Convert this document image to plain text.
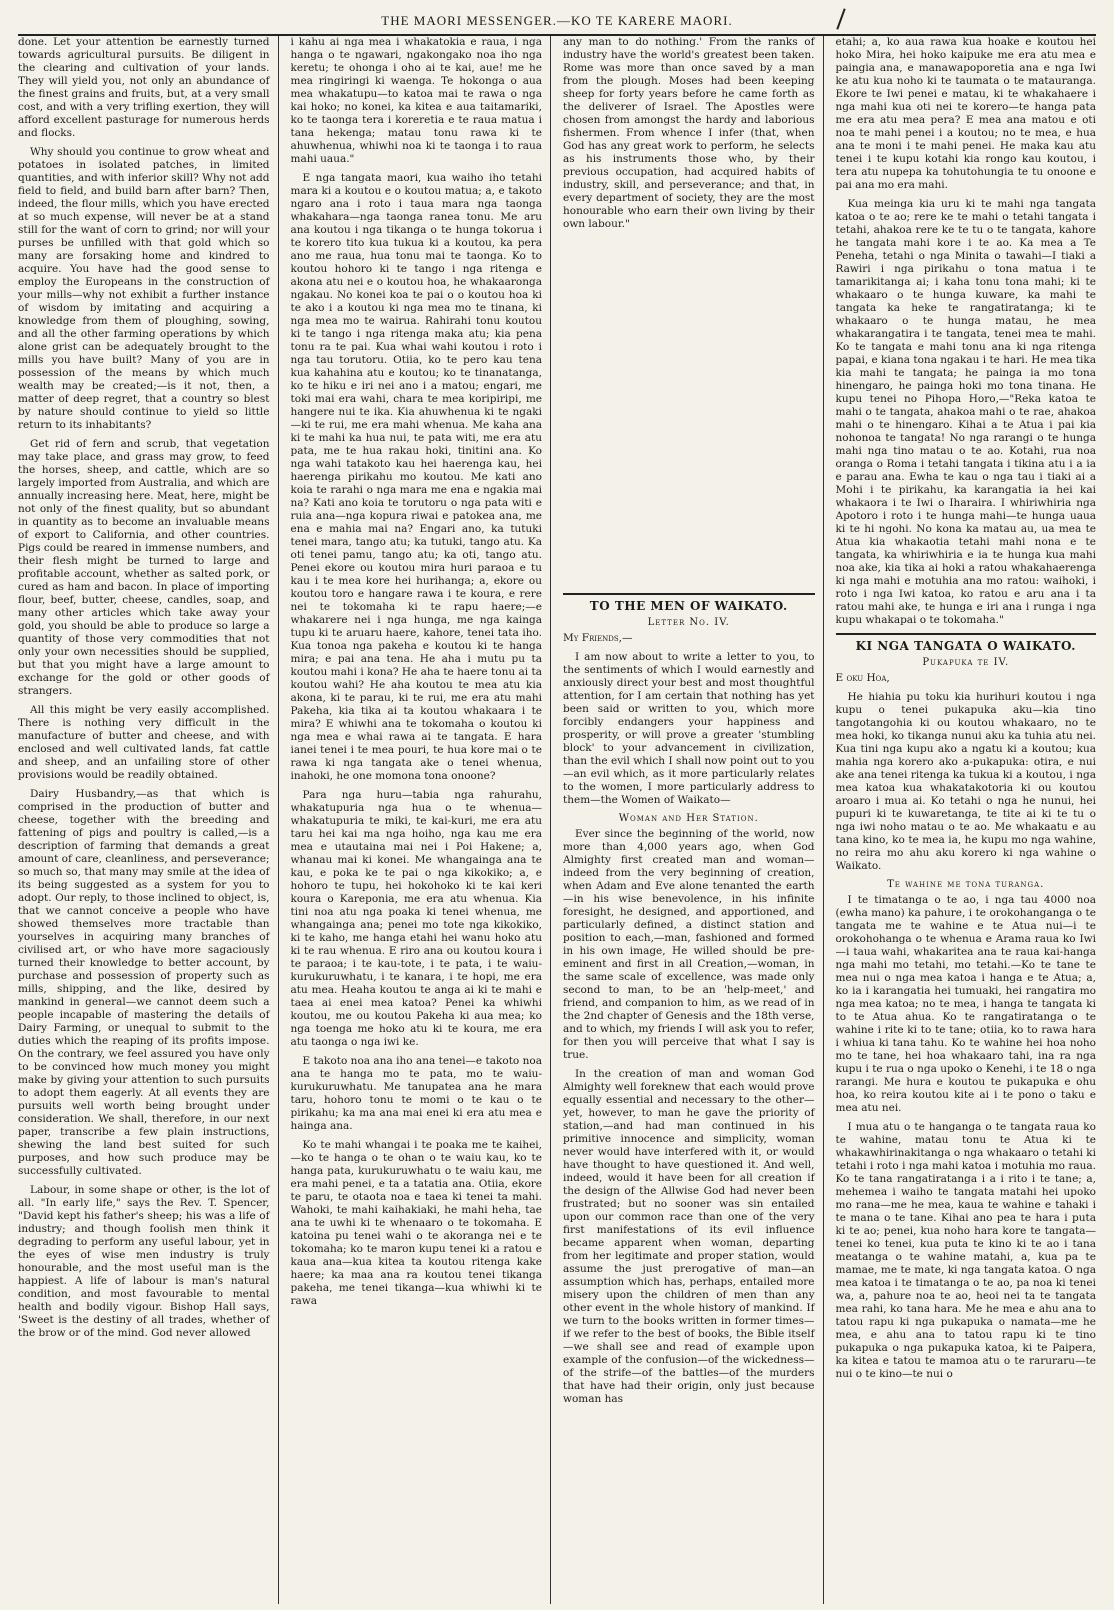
THE MAORI MESSENGER.—KO TE KARERE MAORI.

done. Let your attention be earnestly turned towards agricultural pursuits. Be diligent in the clearing and cultivation of your lands. They will yield you, not only an abundance of the finest grains and fruits, but, at a very small cost, and with a very trifling exertion, they will afford excellent pasturage for numerous herds and flocks.

Why should you continue to grow wheat and potatoes in isolated patches, in limited quantities, and with inferior skill? Why not add field to field, and build barn after barn? Then, indeed, the flour mills, which you have erected at so much expense, will never be at a stand still for the want of corn to grind; nor will your purses be unfilled with that gold which so many are forsaking home and kindred to acquire. You have had the good sense to employ the Europeans in the construction of your mills—why not exhibit a further instance of wisdom by imitating and acquiring a knowledge from them of ploughing, sowing, and all the other farming operations by which alone grist can be adequately brought to the mills you have built? Many of you are in possession of the means by which much wealth may be created;—is it not, then, a matter of deep regret, that a country so blest by nature should continue to yield so little return to its inhabitants?

Get rid of fern and scrub, that vegetation may take place, and grass may grow, to feed the horses, sheep, and cattle, which are so largely imported from Australia, and which are annually increasing here. Meat, here, might be not only of the finest quality, but so abundant in quantity as to become an invaluable means of export to California, and other countries. Pigs could be reared in immense numbers, and their flesh might be turned to large and profitable account, whether as salted pork, or cured as ham and bacon. In place of importing flour, beef, butter, cheese, candles, soap, and many other articles which take away your gold, you should be able to produce so large a quantity of those very commodities that not only your own necessities should be supplied, but that you might have a large amount to exchange for the gold or other goods of strangers.

All this might be very easily accomplished. There is nothing very difficult in the manufacture of butter and cheese, and with enclosed and well cultivated lands, fat cattle and sheep, and an unfailing store of other provisions would be readily obtained.

Dairy Husbandry,—as that which is comprised in the production of butter and cheese, together with the breeding and fattening of pigs and poultry is called,—is a description of farming that demands a great amount of care, cleanliness, and perseverance; so much so, that many may smile at the idea of its being suggested as a system for you to adopt. Our reply, to those inclined to object, is, that we cannot conceive a people who have showed themselves more tractable than yourselves in acquiring many branches of civilised art, or who have more sagaciously turned their knowledge to better account, by purchase and possession of property such as mills, shipping, and the like, desired by mankind in general—we cannot deem such a people incapable of mastering the details of Dairy Farming, or unequal to submit to the duties which the reaping of its profits impose. On the contrary, we feel assured you have only to be convinced how much money you might make by giving your attention to such pursuits to adopt them eagerly. At all events they are pursuits well worth being brought under consideration. We shall, therefore, in our next paper, transcribe a few plain instructions, shewing the land best suited for such purposes, and how such produce may be successfully cultivated.

Labour, in some shape or other, is the lot of all. "In early life," says the Rev. T. Spencer, "David kept his father's sheep; his was a life of industry; and though foolish men think it degrading to perform any useful labour, yet in the eyes of wise men industry is truly honourable, and the most useful man is the happiest. A life of labour is man's natural condition, and most favourable to mental health and bodily vigour. Bishop Hall says, 'Sweet is the destiny of all trades, whether of the brow or of the mind. God never allowed

i kahu ai nga mea i whakatokia e raua, i nga hanga o te ngawari, ngakongako noa iho nga keretu; te ohonga i oho ai te kai, aue! me he mea ringiringi ki waenga. Te hokonga o aua mea whakatupu—to katoa mai te rawa o nga kai hoko; no konei, ka kitea e aua taitamariki, ko te taonga tera i koreretia e te raua matua i tana hekenga; matau tonu rawa ki te ahuwhenua, whiwhi noa ki te taonga i to raua mahi uaua."

E nga tangata maori, kua waiho iho tetahi mara ki a koutou e o koutou matua; a, e takoto ngaro ana i roto i taua mara nga taonga whakahara—nga taonga ranea tonu. Me aru ana koutou i nga tikanga o te hunga tokorua i te korero tito kua tukua ki a koutou, ka pera ano me raua, hua tonu mai te taonga. Ko to koutou hohoro ki te tango i nga ritenga e akona atu nei e o koutou hoa, he whakaaronga ngakau. No konei koa te pai o o koutou hoa ki te ako i a koutou ki nga mea mo te tinana, ki nga mea mo te wairua. Rahirahi tonu koutou ki te tango i nga ritenga maka atu; kia pena tonu ra te pai. Kua whai wahi koutou i roto i nga tau torutoru. Otiia, ko te pero kau tena kua kahahina atu e koutou; ko te tinanatanga, ko te hiku e iri nei ano i a matou; engari, me toki mai era wahi, chara te mea koripiripi, me hangere nui te ika. Kia ahuwhenua ki te ngaki—ki te rui, me era mahi whenua. Me kaha ana ki te mahi ka hua nui, te pata witi, me era atu pata, me te hua rakau hoki, tinitini ana. Ko nga wahi tatakoto kau hei haerenga kau, hei haerenga pirikahu mo koutou. Me kati ano koia te rarahi o nga mara me ena e ngakia mai na? Kati ano koia te torutoru o nga pata witi e ruia ana—nga kopura riwai e patokea ana, me ena e mahia mai na? Engari ano, ka tutuki tenei mara, tango atu; ka tutuki, tango atu. Ka oti tenei pamu, tango atu; ka oti, tango atu. Penei ekore ou koutou mira huri paraoa e tu kau i te mea kore hei hurihanga; a, ekore ou koutou toro e hangare rawa i te koura, e rere nei te tokomaha ki te rapu haere;—e whakarere nei i nga hunga, me nga kainga tupu ki te aruaru haere, kahore, tenei tata iho. Kua tonoa nga pakeha e koutou ki te hanga mira; e pai ana tena. He aha i mutu pu ta koutou mahi i kona? He aha te haere tonu ai ta koutou wahi? He aha koutou te mea atu kia akona, ki te parau, ki te rui, me era atu mahi Pakeha, kia tika ai ta koutou whakaara i te mira? E whiwhi ana te tokomaha o koutou ki nga mea e whai rawa ai te tangata. E hara ianei tenei i te mea pouri, te hua kore mai o te rawa ki nga tangata ake o tenei whenua, inahoki, he one momona tona onoone?

Para nga huru—tabia nga rahurahu, whakatupuria nga hua o te whenua—whakatupuria te miki, te kai-kuri, me era atu taru hei kai ma nga hoiho, nga kau me era mea e utautaina mai nei i Poi Hakene; a, whanau mai ki konei. Me whangainga ana te kau, e poka ke te pai o nga kikokiko; a, e hohoro te tupu, hei hokohoko ki te kai keri koura o Kareponia, me era atu whenua. Kia tini noa atu nga poaka ki tenei whenua, me whangainga ana; penei mo tote nga kikokiko, ki te kaho, me hanga etahi hei wanu hoko atu ki te rau whenua. E riro ana ou koutou koura i te paraoa; i te kau-tote, i te pata, i te waiu-kurukuruwhatu, i te kanara, i te hopi, me era atu mea. Heaha koutou te anga ai ki te mahi e taea ai enei mea katoa? Penei ka whiwhi koutou, me ou koutou Pakeha ki aua mea; ko nga toenga me hoko atu ki te koura, me era atu taonga o nga iwi ke.

E takoto noa ana iho ana tenei—e takoto noa ana te hanga mo te pata, mo te waiu-kurukuruwhatu. Me tanupatea ana he mara taru, hohoro tonu te momi o te kau o te pirikahu; ka ma ana mai enei ki era atu mea e hainga ana.

Ko te mahi whangai i te poaka me te kaihei,—ko te hanga o te ohan o te waiu kau, ko te hanga pata, kurukuruwhatu o te waiu kau, me era mahi penei, e ta a tatatia ana. Otiia, ekore te paru, te otaota noa e taea ki tenei ta mahi. Wahoki, te mahi kaihakiaki, he mahi heha, tae ana te uwhi ki te whenaaro o te tokomaha. E katoina pu tenei wahi o te akoranga nei e te tokomaha; ko te maron kupu tenei ki a ratou e kaua ana—kua kitea ta koutou ritenga kake haere; ka maa ana ra koutou tenei tikanga pakeha, me tenei tikanga—kua whiwhi ki te rawa

any man to do nothing.' From the ranks of industry have the world's greatest been taken. Rome was more than once saved by a man from the plough. Moses had been keeping sheep for forty years before he came forth as the deliverer of Israel. The Apostles were chosen from amongst the hardy and laborious fishermen. From whence I infer (that, when God has any great work to perform, he selects as his instruments those who, by their previous occupation, had acquired habits of industry, skill, and perseverance; and that, in every department of society, they are the most honourable who earn their own living by their own labour."

TO THE MEN OF WAIKATO.
Letter No. IV.

My Friends,—

I am now about to write a letter to you, to the sentiments of which I would earnestly and anxiously direct your best and most thoughtful attention, for I am certain that nothing has yet been said or written to you, which more forcibly endangers your happiness and prosperity, or will prove a greater 'stumbling block' to your advancement in civilization, than the evil which I shall now point out to you—an evil which, as it more particularly relates to the women, I more particularly address to them—the Women of Waikato—

Woman and Her Station.

Ever since the beginning of the world, now more than 4,000 years ago, when God Almighty first created man and woman—indeed from the very beginning of creation, when Adam and Eve alone tenanted the earth—in his wise benevolence, in his infinite foresight, he designed, and apportioned, and particularly defined, a distinct station and position to each,—man, fashioned and formed in his own image, He willed should be pre-eminent and first in all Creation,—woman, in the same scale of excellence, was made only second to man, to be an 'help-meet,' and friend, and companion to him, as we read of in the 2nd chapter of Genesis and the 18th verse, and to which, my friends I will ask you to refer, for then you will perceive that what I say is true.

In the creation of man and woman God Almighty well foreknew that each would prove equally essential and necessary to the other—yet, however, to man he gave the priority of station,—and had man continued in his primitive innocence and simplicity, woman never would have interfered with it, or would have thought to have questioned it. And well, indeed, would it have been for all creation if the design of the Allwise God had never been frustrated; but no sooner was sin entailed upon our common race than one of the very first manifestations of its evil influence became apparent when woman, departing from her legitimate and proper station, would assume the just prerogative of man—an assumption which has, perhaps, entailed more misery upon the children of men than any other event in the whole history of mankind. If we turn to the books written in former times—if we refer to the best of books, the Bible itself—we shall see and read of example upon example of the confusion—of the wickedness—of the strife—of the battles—of the murders that have had their origin, only just because woman has

etahi; a, ko aua rawa kua hoake e koutou hei hoko Mira, hei hoko kaipuke me era atu mea e paingia ana, e manawapoporetia ana e nga Iwi ke atu kua noho ki te taumata o te matauranga. Ekore te Iwi penei e matau, ki te whakahaere i nga mahi kua oti nei te korero—te hanga pata me era atu mea pera? E mea ana matou e oti noa te mahi penei i a koutou; no te mea, e hua ana te moni i te mahi penei. He maka kau atu tenei i te kupu kotahi kia rongo kau koutou, i tera atu nupepa ka tohutohungia te tu onoone e pai ana mo era mahi.

Kua meinga kia uru ki te mahi nga tangata katoa o te ao; rere ke te mahi o tetahi tangata i tetahi, ahakoa rere ke te tu o te tangata, kahore he tangata mahi kore i te ao. Ka mea a Te Peneha, tetahi o nga Minita o tawahi—I tiaki a Rawiri i nga pirikahu o tona matua i te tamarikitanga ai; i kaha tonu tona mahi; ki te whakaaro o te hunga kuware, ka mahi te tangata ka heke te rangatiratanga; ki te whakaaro o te hunga matau, he mea whakarangatira i te tangata, tenei mea te mahi. Ko te tangata e mahi tonu ana ki nga ritenga papai, e kiana tona ngakau i te hari. He mea tika kia mahi te tangata; he painga ia mo tona hinengaro, he painga hoki mo tona tinana. He kupu tenei no Pihopa Horo,—"Reka katoa te mahi o te tangata, ahakoa mahi o te rae, ahakoa mahi o te hinengaro. Kihai a te Atua i pai kia nohonoa te tangata! No nga rarangi o te hunga mahi nga tino matau o te ao. Kotahi, rua noa oranga o Roma i tetahi tangata i tikina atu i a ia e parau ana. Ewha te kau o nga tau i tiaki ai a Mohi i te pirikahu, ka karangatia ia hei kai whakaora i te Iwi o Iharaira. I whiriwhiria nga Apotoro i roto i te hunga mahi—te hunga uaua ki te hi ngohi. No kona ka matau au, ua mea te Atua kia whakaotia tetahi mahi nona e te tangata, ka whiriwhiria e ia te hunga kua mahi noa ake, kia tika ai hoki a ratou whakahaerenga ki nga mahi e motuhia ana mo ratou: waihoki, i roto i nga Iwi katoa, ko ratou e aru ana i ta ratou mahi ake, te hunga e iri ana i runga i nga kupu whakapai o te tokomaha."

KI NGA TANGATA O WAIKATO.
Pukapuka te IV.

E oku Hoa,

He hiahia pu toku kia hurihuri koutou i nga kupu o tenei pukapuka aku—kia tino tangotangohia ki ou koutou whakaaro, no te mea hoki, ko tikanga nunui aku ka tuhia atu nei. Kua tini nga kupu ako a ngatu ki a koutou; kua mahia nga korero ako a-pukapuka: otira, e nui ake ana tenei ritenga ka tukua ki a koutou, i nga mea katoa kua whakatakotoria ki ou koutou aroaro i mua ai. Ko tetahi o nga he nunui, hei pupuri ki te kuwaretanga, te tite ai ki te tu o nga iwi noho matau o te ao. Me whakaatu e au tana kino, ko te mea ia, he kupu mo nga wahine, no reira mo ahu aku korero ki nga wahine o Waikato.

Te wahine me tona turanga.

I te timatanga o te ao, i nga tau 4000 noa (ewha mano) ka pahure, i te orokohanganga o te tangata me te wahine e te Atua nui—i te orokohohanga o te whenua e Arama raua ko Iwi—i taua wahi, whakaritea ana te raua kai-hanga nga mahi mo tetahi, mo tetahi.—Ko te tane te mea nui o nga mea katoa i hanga e te Atua; a, ko ia i karangatia hei tumuaki, hei rangatira mo nga mea katoa; no te mea, i hanga te tangata ki to te Atua ahua. Ko te rangatiratanga o te wahine i rite ki to te tane; otiia, ko to rawa hara i whiua ki tana tahu. Ko te wahine hei hoa noho mo te tane, hei hoa whakaaro tahi, ina ra nga kupu i te rua o nga upoko o Kenehi, i te 18 o nga rarangi. Me hura e koutou te pukapuka e ohu hoa, ko reira koutou kite ai i te pono o taku e mea atu nei.

I mua atu o te hanganga o te tangata raua ko te wahine, matau tonu te Atua ki te whakawhirinakitanga o nga whakaaro o tetahi ki tetahi i roto i nga mahi katoa i motuhia mo raua. Ko te tana rangatiratanga i a i rito i te tane; a, mehemea i waiho te tangata matahi hei upoko mo rana—me he mea, kaua te wahine e tahaki i te mana o te tane. Kihai ano pea te hara i puta ki te ao; penei, kua noho hara kore te tangata—tenei ko tenei, kua puta te kino ki te ao i tana meatanga o te wahine matahi, a, kua pa te mamae, me te mate, ki nga tangata katoa. O nga mea katoa i te timatanga o te ao, pa noa ki tenei wa, a, pahure noa te ao, heoi nei ta te tangata mea rahi, ko tana hara. Me he mea e ahu ana to tatou rapu ki nga pukapuka o namata—me he mea, e ahu ana to tatou rapu ki te tino pukapuka o nga pukapuka katoa, ki te Paipera, ka kitea e tatou te mamoa atu o te raruraru—te nui o te kino—te nui o
